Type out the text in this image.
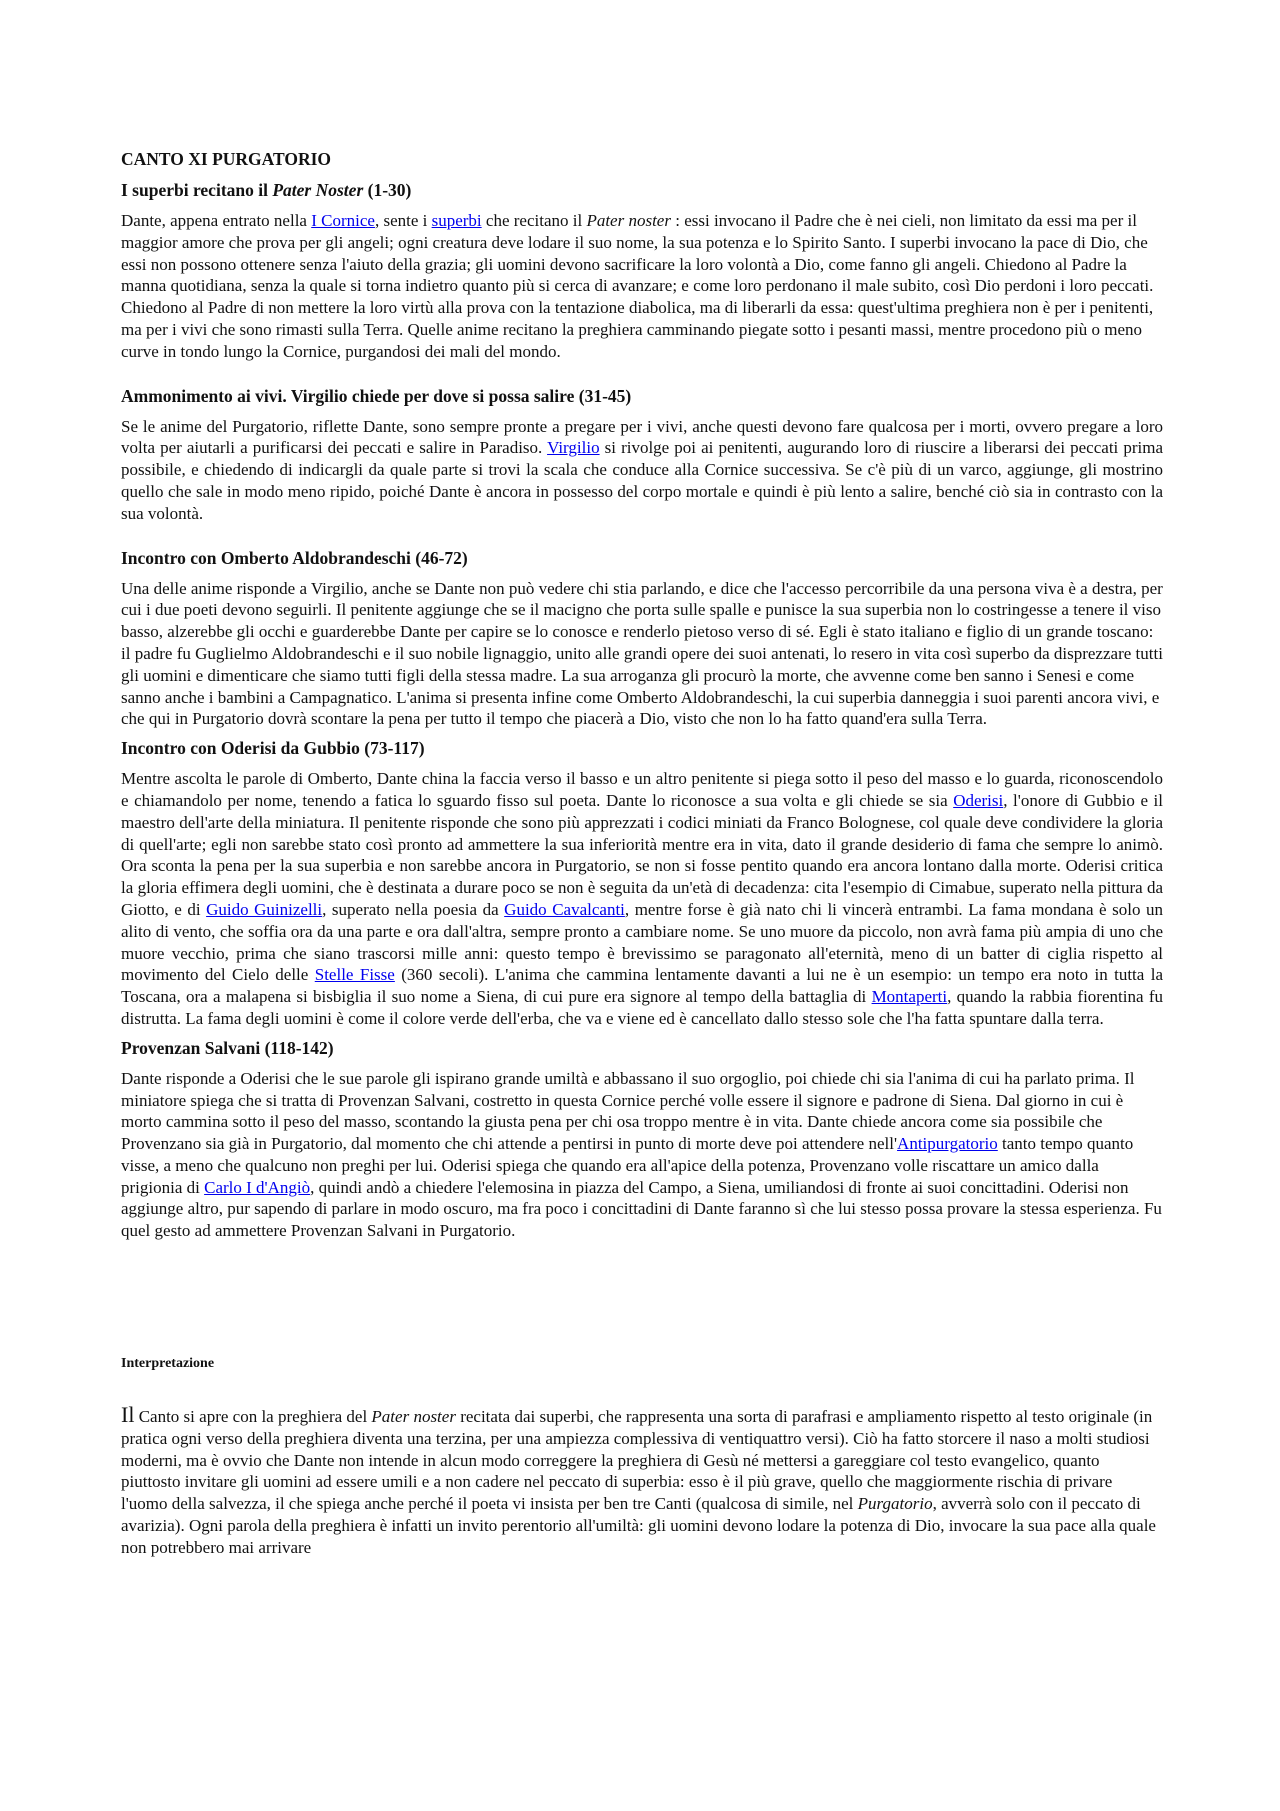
CANTO XI PURGATORIO
I superbi recitano il Pater Noster (1-30)

Dante, appena entrato nella I Cornice, sente i superbi che recitano il Pater noster : essi invocano il Padre che è nei cieli, non limitato da essi ma per il maggior amore che prova per gli angeli; ogni creatura deve lodare il suo nome, la sua potenza e lo Spirito Santo. I superbi invocano la pace di Dio, che essi non possono ottenere senza l'aiuto della grazia; gli uomini devono sacrificare la loro volontà a Dio, come fanno gli angeli. Chiedono al Padre la manna quotidiana, senza la quale si torna indietro quanto più si cerca di avanzare; e come loro perdonano il male subito, così Dio perdoni i loro peccati. Chiedono al Padre di non mettere la loro virtù alla prova con la tentazione diabolica, ma di liberarli da essa: quest'ultima preghiera non è per i penitenti, ma per i vivi che sono rimasti sulla Terra. Quelle anime recitano la preghiera camminando piegate sotto i pesanti massi, mentre procedono più o meno curve in tondo lungo la Cornice, purgandosi dei mali del mondo.

Ammonimento ai vivi. Virgilio chiede per dove si possa salire (31-45)

Se le anime del Purgatorio, riflette Dante, sono sempre pronte a pregare per i vivi, anche questi devono fare qualcosa per i morti, ovvero pregare a loro volta per aiutarli a purificarsi dei peccati e salire in Paradiso. Virgilio si rivolge poi ai penitenti, augurando loro di riuscire a liberarsi dei peccati prima possibile, e chiedendo di indicargli da quale parte si trovi la scala che conduce alla Cornice successiva. Se c'è più di un varco, aggiunge, gli mostrino quello che sale in modo meno ripido, poiché Dante è ancora in possesso del corpo mortale e quindi è più lento a salire, benché ciò sia in contrasto con la sua volontà.

Incontro con Omberto Aldobrandeschi (46-72)

Una delle anime risponde a Virgilio, anche se Dante non può vedere chi stia parlando, e dice che l'accesso percorribile da una persona viva è a destra, per cui i due poeti devono seguirli. Il penitente aggiunge che se il macigno che porta sulle spalle e punisce la sua superbia non lo costringesse a tenere il viso basso, alzerebbe gli occhi e guarderebbe Dante per capire se lo conosce e renderlo pietoso verso di sé. Egli è stato italiano e figlio di un grande toscano: il padre fu Guglielmo Aldobrandeschi e il suo nobile lignaggio, unito alle grandi opere dei suoi antenati, lo resero in vita così superbo da disprezzare tutti gli uomini e dimenticare che siamo tutti figli della stessa madre. La sua arroganza gli procurò la morte, che avvenne come ben sanno i Senesi e come sanno anche i bambini a Campagnatico. L'anima si presenta infine come Omberto Aldobrandeschi, la cui superbia danneggia i suoi parenti ancora vivi, e che qui in Purgatorio dovrà scontare la pena per tutto il tempo che piacerà a Dio, visto che non lo ha fatto quand'era sulla Terra.

Incontro con Oderisi da Gubbio (73-117)

Mentre ascolta le parole di Omberto, Dante china la faccia verso il basso e un altro penitente si piega sotto il peso del masso e lo guarda, riconoscendolo e chiamandolo per nome, tenendo a fatica lo sguardo fisso sul poeta. Dante lo riconosce a sua volta e gli chiede se sia Oderisi, l'onore di Gubbio e il maestro dell'arte della miniatura. Il penitente risponde che sono più apprezzati i codici miniati da Franco Bolognese, col quale deve condividere la gloria di quell'arte; egli non sarebbe stato così pronto ad ammettere la sua inferiorità mentre era in vita, dato il grande desiderio di fama che sempre lo animò. Ora sconta la pena per la sua superbia e non sarebbe ancora in Purgatorio, se non si fosse pentito quando era ancora lontano dalla morte. Oderisi critica la gloria effimera degli uomini, che è destinata a durare poco se non è seguita da un'età di decadenza: cita l'esempio di Cimabue, superato nella pittura da Giotto, e di Guido Guinizelli, superato nella poesia da Guido Cavalcanti, mentre forse è già nato chi li vincerà entrambi. La fama mondana è solo un alito di vento, che soffia ora da una parte e ora dall'altra, sempre pronto a cambiare nome. Se uno muore da piccolo, non avrà fama più ampia di uno che muore vecchio, prima che siano trascorsi mille anni: questo tempo è brevissimo se paragonato all'eternità, meno di un batter di ciglia rispetto al movimento del Cielo delle Stelle Fisse (360 secoli). L'anima che cammina lentamente davanti a lui ne è un esempio: un tempo era noto in tutta la Toscana, ora a malapena si bisbiglia il suo nome a Siena, di cui pure era signore al tempo della battaglia di Montaperti, quando la rabbia fiorentina fu distrutta. La fama degli uomini è come il colore verde dell'erba, che va e viene ed è cancellato dallo stesso sole che l'ha fatta spuntare dalla terra.

Provenzan Salvani (118-142)

Dante risponde a Oderisi che le sue parole gli ispirano grande umiltà e abbassano il suo orgoglio, poi chiede chi sia l'anima di cui ha parlato prima. Il miniatore spiega che si tratta di Provenzan Salvani, costretto in questa Cornice perché volle essere il signore e padrone di Siena. Dal giorno in cui è morto cammina sotto il peso del masso, scontando la giusta pena per chi osa troppo mentre è in vita. Dante chiede ancora come sia possibile che Provenzano sia già in Purgatorio, dal momento che chi attende a pentirsi in punto di morte deve poi attendere nell'Antipurgatorio tanto tempo quanto visse, a meno che qualcuno non preghi per lui. Oderisi spiega che quando era all'apice della potenza, Provenzano volle riscattare un amico dalla prigionia di Carlo I d'Angiò, quindi andò a chiedere l'elemosina in piazza del Campo, a Siena, umiliandosi di fronte ai suoi concittadini. Oderisi non aggiunge altro, pur sapendo di parlare in modo oscuro, ma fra poco i concittadini di Dante faranno sì che lui stesso possa provare la stessa esperienza. Fu quel gesto ad ammettere Provenzan Salvani in Purgatorio.

Interpretazione

Il Canto si apre con la preghiera del Pater noster recitata dai superbi, che rappresenta una sorta di parafrasi e ampliamento rispetto al testo originale (in pratica ogni verso della preghiera diventa una terzina, per una ampiezza complessiva di ventiquattro versi). Ciò ha fatto storcere il naso a molti studiosi moderni, ma è ovvio che Dante non intende in alcun modo correggere la preghiera di Gesù né mettersi a gareggiare col testo evangelico, quanto piuttosto invitare gli uomini ad essere umili e a non cadere nel peccato di superbia: esso è il più grave, quello che maggiormente rischia di privare l'uomo della salvezza, il che spiega anche perché il poeta vi insista per ben tre Canti (qualcosa di simile, nel Purgatorio, avverrà solo con il peccato di avarizia). Ogni parola della preghiera è infatti un invito perentorio all'umiltà: gli uomini devono lodare la potenza di Dio, invocare la sua pace alla quale non potrebbero mai arrivare
